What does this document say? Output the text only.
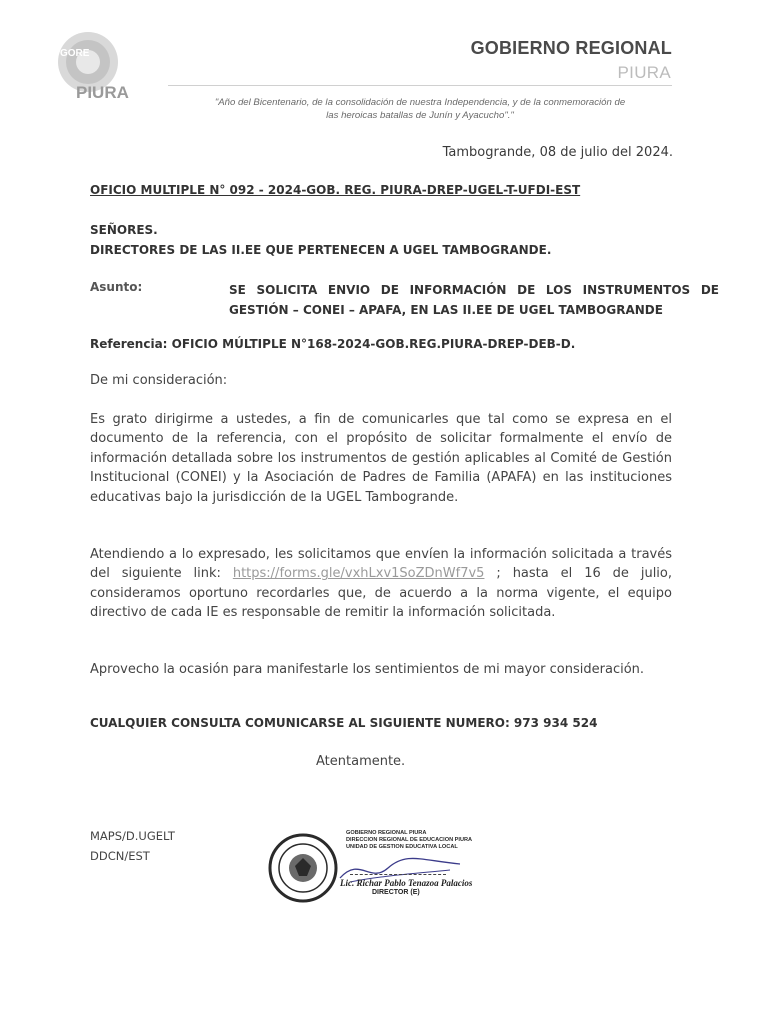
GORE
PIURA
GOBIERNO REGIONAL
PIURA
"Año del Bicentenario, de la consolidación de nuestra Independencia, y de la conmemoración de
las heroicas batallas de Junín y Ayacucho"."
Tambogrande, 08 de julio del 2024.
OFICIO MULTIPLE N° 092 - 2024-GOB. REG. PIURA-DREP-UGEL-T-UFDI-EST
SEÑORES.
DIRECTORES DE LAS II.EE QUE PERTENECEN A UGEL TAMBOGRANDE.
Asunto:	SE SOLICITA ENVIO DE INFORMACIÓN DE LOS INSTRUMENTOS DE GESTIÓN – CONEI – APAFA, EN LAS II.EE DE UGEL TAMBOGRANDE
Referencia: OFICIO MÚLTIPLE N°168-2024-GOB.REG.PIURA-DREP-DEB-D.
De mi consideración:
Es grato dirigirme a ustedes, a fin de comunicarles que tal como se expresa en el documento de la referencia, con el propósito de solicitar formalmente el envío de información detallada sobre los instrumentos de gestión aplicables al Comité de Gestión Institucional (CONEI) y la Asociación de Padres de Familia (APAFA) en las instituciones educativas bajo la jurisdicción de la UGEL Tambogrande.
Atendiendo a lo expresado, les solicitamos que envíen la información solicitada a través del siguiente link: https://forms.gle/vxhLxv1SoZDnWf7v5 ; hasta el 16 de julio, consideramos oportuno recordarles que, de acuerdo a la norma vigente, el equipo directivo de cada IE es responsable de remitir la información solicitada.
Aprovecho la ocasión para manifestarle los sentimientos de mi mayor consideración.
CUALQUIER CONSULTA COMUNICARSE AL SIGUIENTE NUMERO: 973 934 524
Atentamente.
MAPS/D.UGELT
DDCN/EST
GOBIERNO REGIONAL PIURA
DIRECCION REGIONAL DE EDUCACION PIURA
UNIDAD DE GESTION EDUCATIVA LOCAL
Lic. Richar Pablo Tenazoa Palacios
DIRECTOR (E)
